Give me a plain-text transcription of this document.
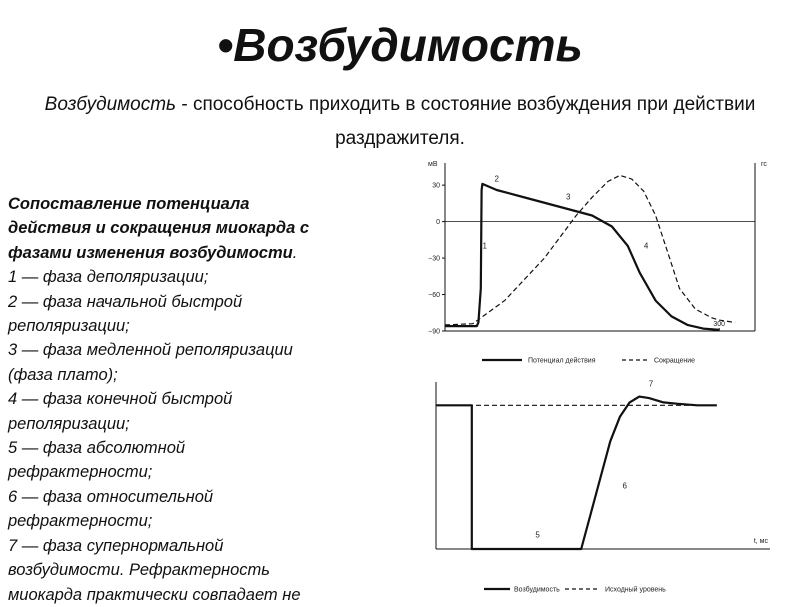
•Возбудимость

Возбудимость - способность приходить в состояние возбуждения при действии раздражителя.

Сопоставление потенциала
действия и сокращения миокарда с
фазами изменения возбудимости.
1 — фаза деполяризации;
2 — фаза начальной быстрой
реполяризации;
3 — фаза медленной реполяризации
(фаза плато);
4 — фаза конечной быстрой
реполяризации;
5 — фаза абсолютной
рефрактерности;
6 — фаза относительной
рефрактерности;
7 — фаза супернормальной
возбудимости. Рефрактерность
миокарда практически совпадает не

мВ	гс
30
0
−30
−60
−90
300
1
2
3
4
Потенциал действия	Сокращение
t, мс
5
6
7
Возбудимость	Исходный уровень
